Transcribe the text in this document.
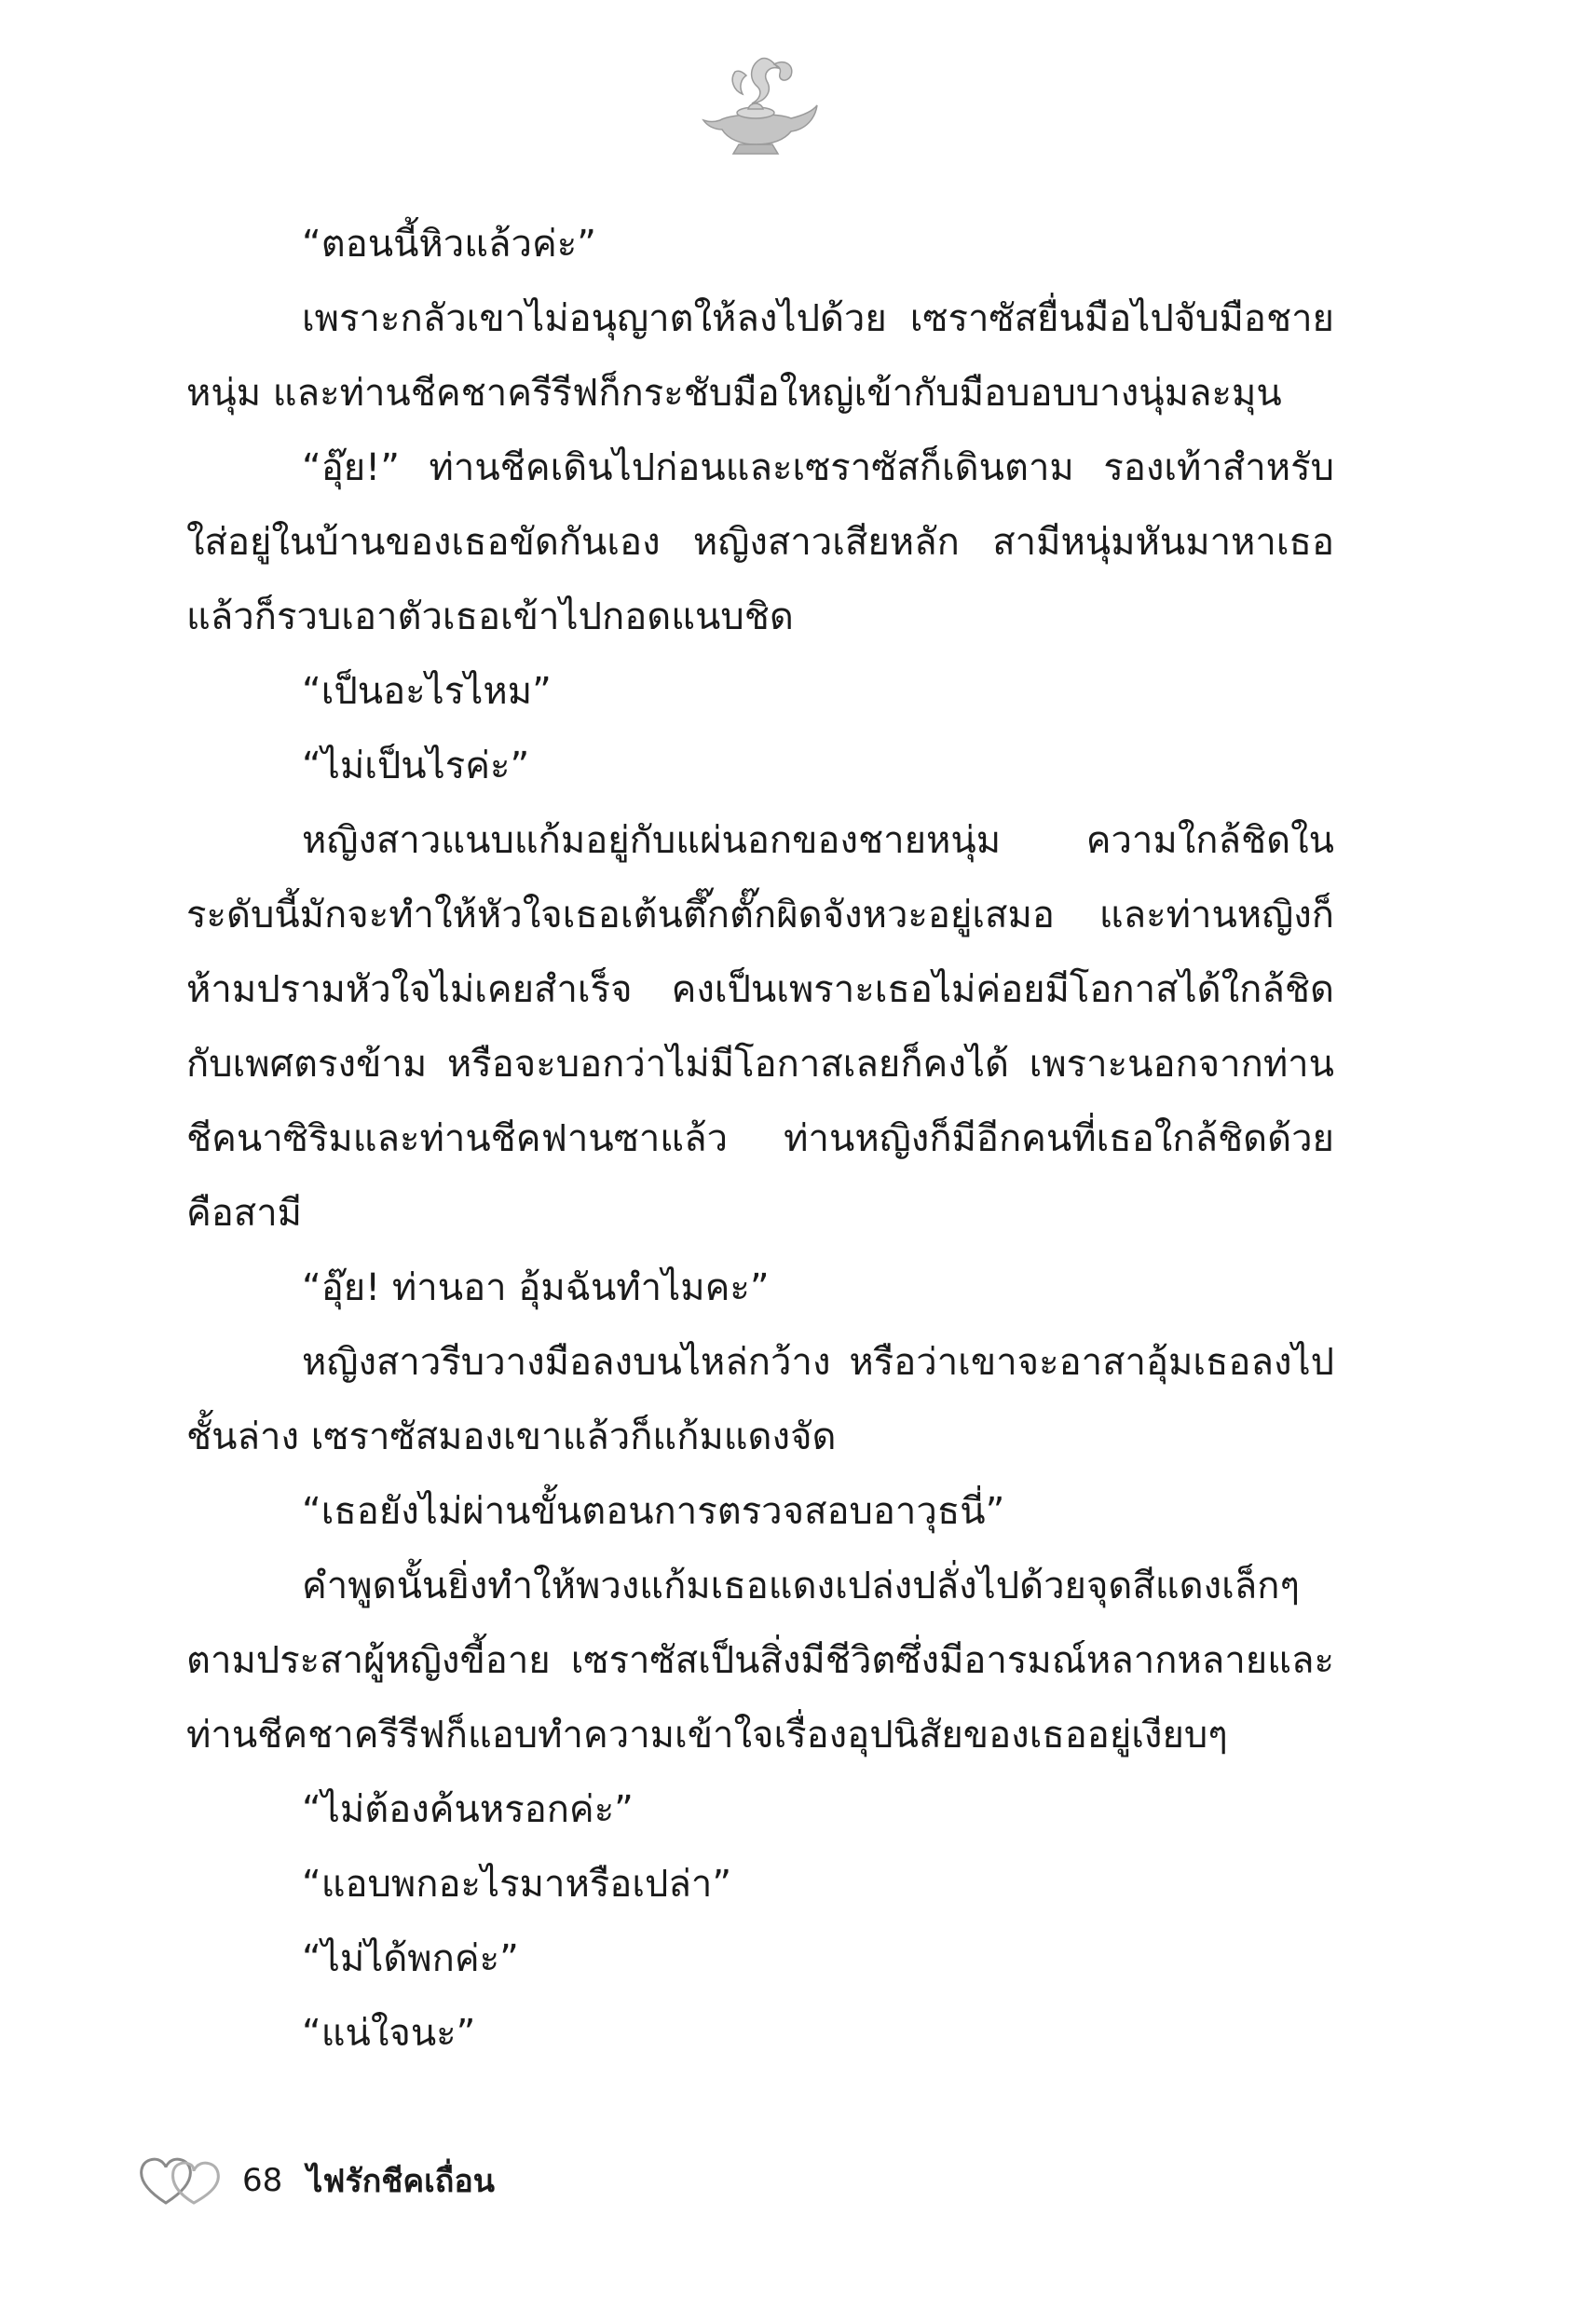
“ตอนนี้หิวแล้วค่ะ”

เพราะกลัวเขาไม่อนุญาตให้ลงไปด้วย เซราซัสยื่นมือไปจับมือชายหนุ่ม และท่านชีคชาครีรีฟก็กระชับมือใหญ่เข้ากับมือบอบบางนุ่มละมุน

“อุ๊ย!” ท่านชีคเดินไปก่อนและเซราซัสก็เดินตาม รองเท้าสำหรับใส่อยู่ในบ้านของเธอขัดกันเอง หญิงสาวเสียหลัก สามีหนุ่มหันมาหาเธอแล้วก็รวบเอาตัวเธอเข้าไปกอดแนบชิด

“เป็นอะไรไหม”

“ไม่เป็นไรค่ะ”

หญิงสาวแนบแก้มอยู่กับแผ่นอกของชายหนุ่ม ความใกล้ชิดในระดับนี้มักจะทำให้หัวใจเธอเต้นตึ๊กตั๊กผิดจังหวะอยู่เสมอ และท่านหญิงก็ห้ามปรามหัวใจไม่เคยสำเร็จ คงเป็นเพราะเธอไม่ค่อยมีโอกาสได้ใกล้ชิดกับเพศตรงข้าม หรือจะบอกว่าไม่มีโอกาสเลยก็คงได้ เพราะนอกจากท่านชีคนาซิริมและท่านชีคฟานซาแล้ว ท่านหญิงก็มีอีกคนที่เธอใกล้ชิดด้วยคือสามี

“อุ๊ย! ท่านอา อุ้มฉันทำไมคะ”

หญิงสาวรีบวางมือลงบนไหล่กว้าง หรือว่าเขาจะอาสาอุ้มเธอลงไปชั้นล่าง เซราซัสมองเขาแล้วก็แก้มแดงจัด

“เธอยังไม่ผ่านขั้นตอนการตรวจสอบอาวุธนี่”

คำพูดนั้นยิ่งทำให้พวงแก้มเธอแดงเปล่งปลั่งไปด้วยจุดสีแดงเล็กๆ ตามประสาผู้หญิงขี้อาย เซราซัสเป็นสิ่งมีชีวิตซึ่งมีอารมณ์หลากหลายและท่านชีคชาครีรีฟก็แอบทำความเข้าใจเรื่องอุปนิสัยของเธออยู่เงียบๆ

“ไม่ต้องค้นหรอกค่ะ”

“แอบพกอะไรมาหรือเปล่า”

“ไม่ได้พกค่ะ”

“แน่ใจนะ”

68 ไฟรักชีคเถื่อน
